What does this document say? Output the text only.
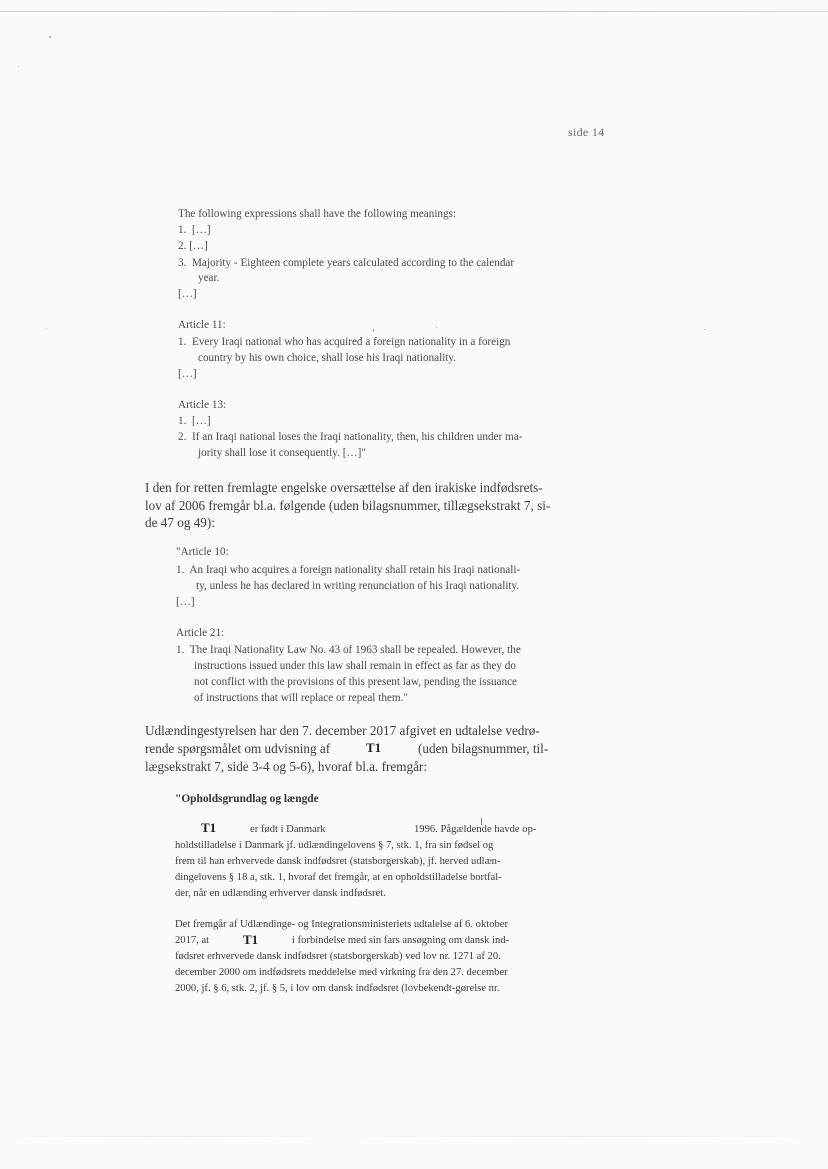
side 14
The following expressions shall have the following meanings:
1.  […]
2. […]
3.  Majority - Eighteen complete years calculated according to the calendar
year.
[…]
Article 11:
1.  Every Iraqi national who has acquired a foreign nationality in a foreign
country by his own choice, shall lose his Iraqi nationality.
[…]
Article 13:
1.  […]
2.  If an Iraqi national loses the Iraqi nationality, then, his children under ma-
jority shall lose it consequently. […]"
I den for retten fremlagte engelske oversættelse af den irakiske indfødsrets-
lov af 2006 fremgår bl.a. følgende (uden bilagsnummer, tillægsekstrakt 7, si-
de 47 og 49):
"Article 10:
1.  An Iraqi who acquires a foreign nationality shall retain his Iraqi nationali-
ty, unless he has declared in writing renunciation of his Iraqi nationality.
[…]
Article 21:
1.  The Iraqi Nationality Law No. 43 of 1963 shall be repealed. However, the
instructions issued under this law shall remain in effect as far as they do
not conflict with the provisions of this present law, pending the issuance
of instructions that will replace or repeal them."
Udlændingestyrelsen har den 7. december 2017 afgivet en udtalelse vedrø-
rende spørgsmålet om udvisning af	T1	(uden bilagsnummer, til-
lægsekstrakt 7, side 3-4 og 5-6), hvoraf bl.a. fremgår:
"Opholdsgrundlag og længde
T1	er født i Danmark	1996. Pågældende havde op-
holdstilladelse i Danmark jf. udlændingelovens § 7, stk. 1, fra sin fødsel og
frem til han erhvervede dansk indfødsret (statsborgerskab), jf. herved udlæn-
dingelovens § 18 a, stk. 1, hvoraf det fremgår, at en opholdstilladelse bortfal-
der, når en udlænding erhverver dansk indfødsret.
Det fremgår af Udlændinge- og Integrationsministeriets udtalelse af 6. oktober
2017, at	T1	i forbindelse med sin fars ansøgning om dansk ind-
fødsret erhvervede dansk indfødsret (statsborgerskab) ved lov nr. 1271 af 20.
december 2000 om indfødsrets meddelelse med virkning fra den 27. december
2000, jf. § 6, stk. 2, jf. § 5, i lov om dansk indfødsret (lovbekendt-gørelse nr.
